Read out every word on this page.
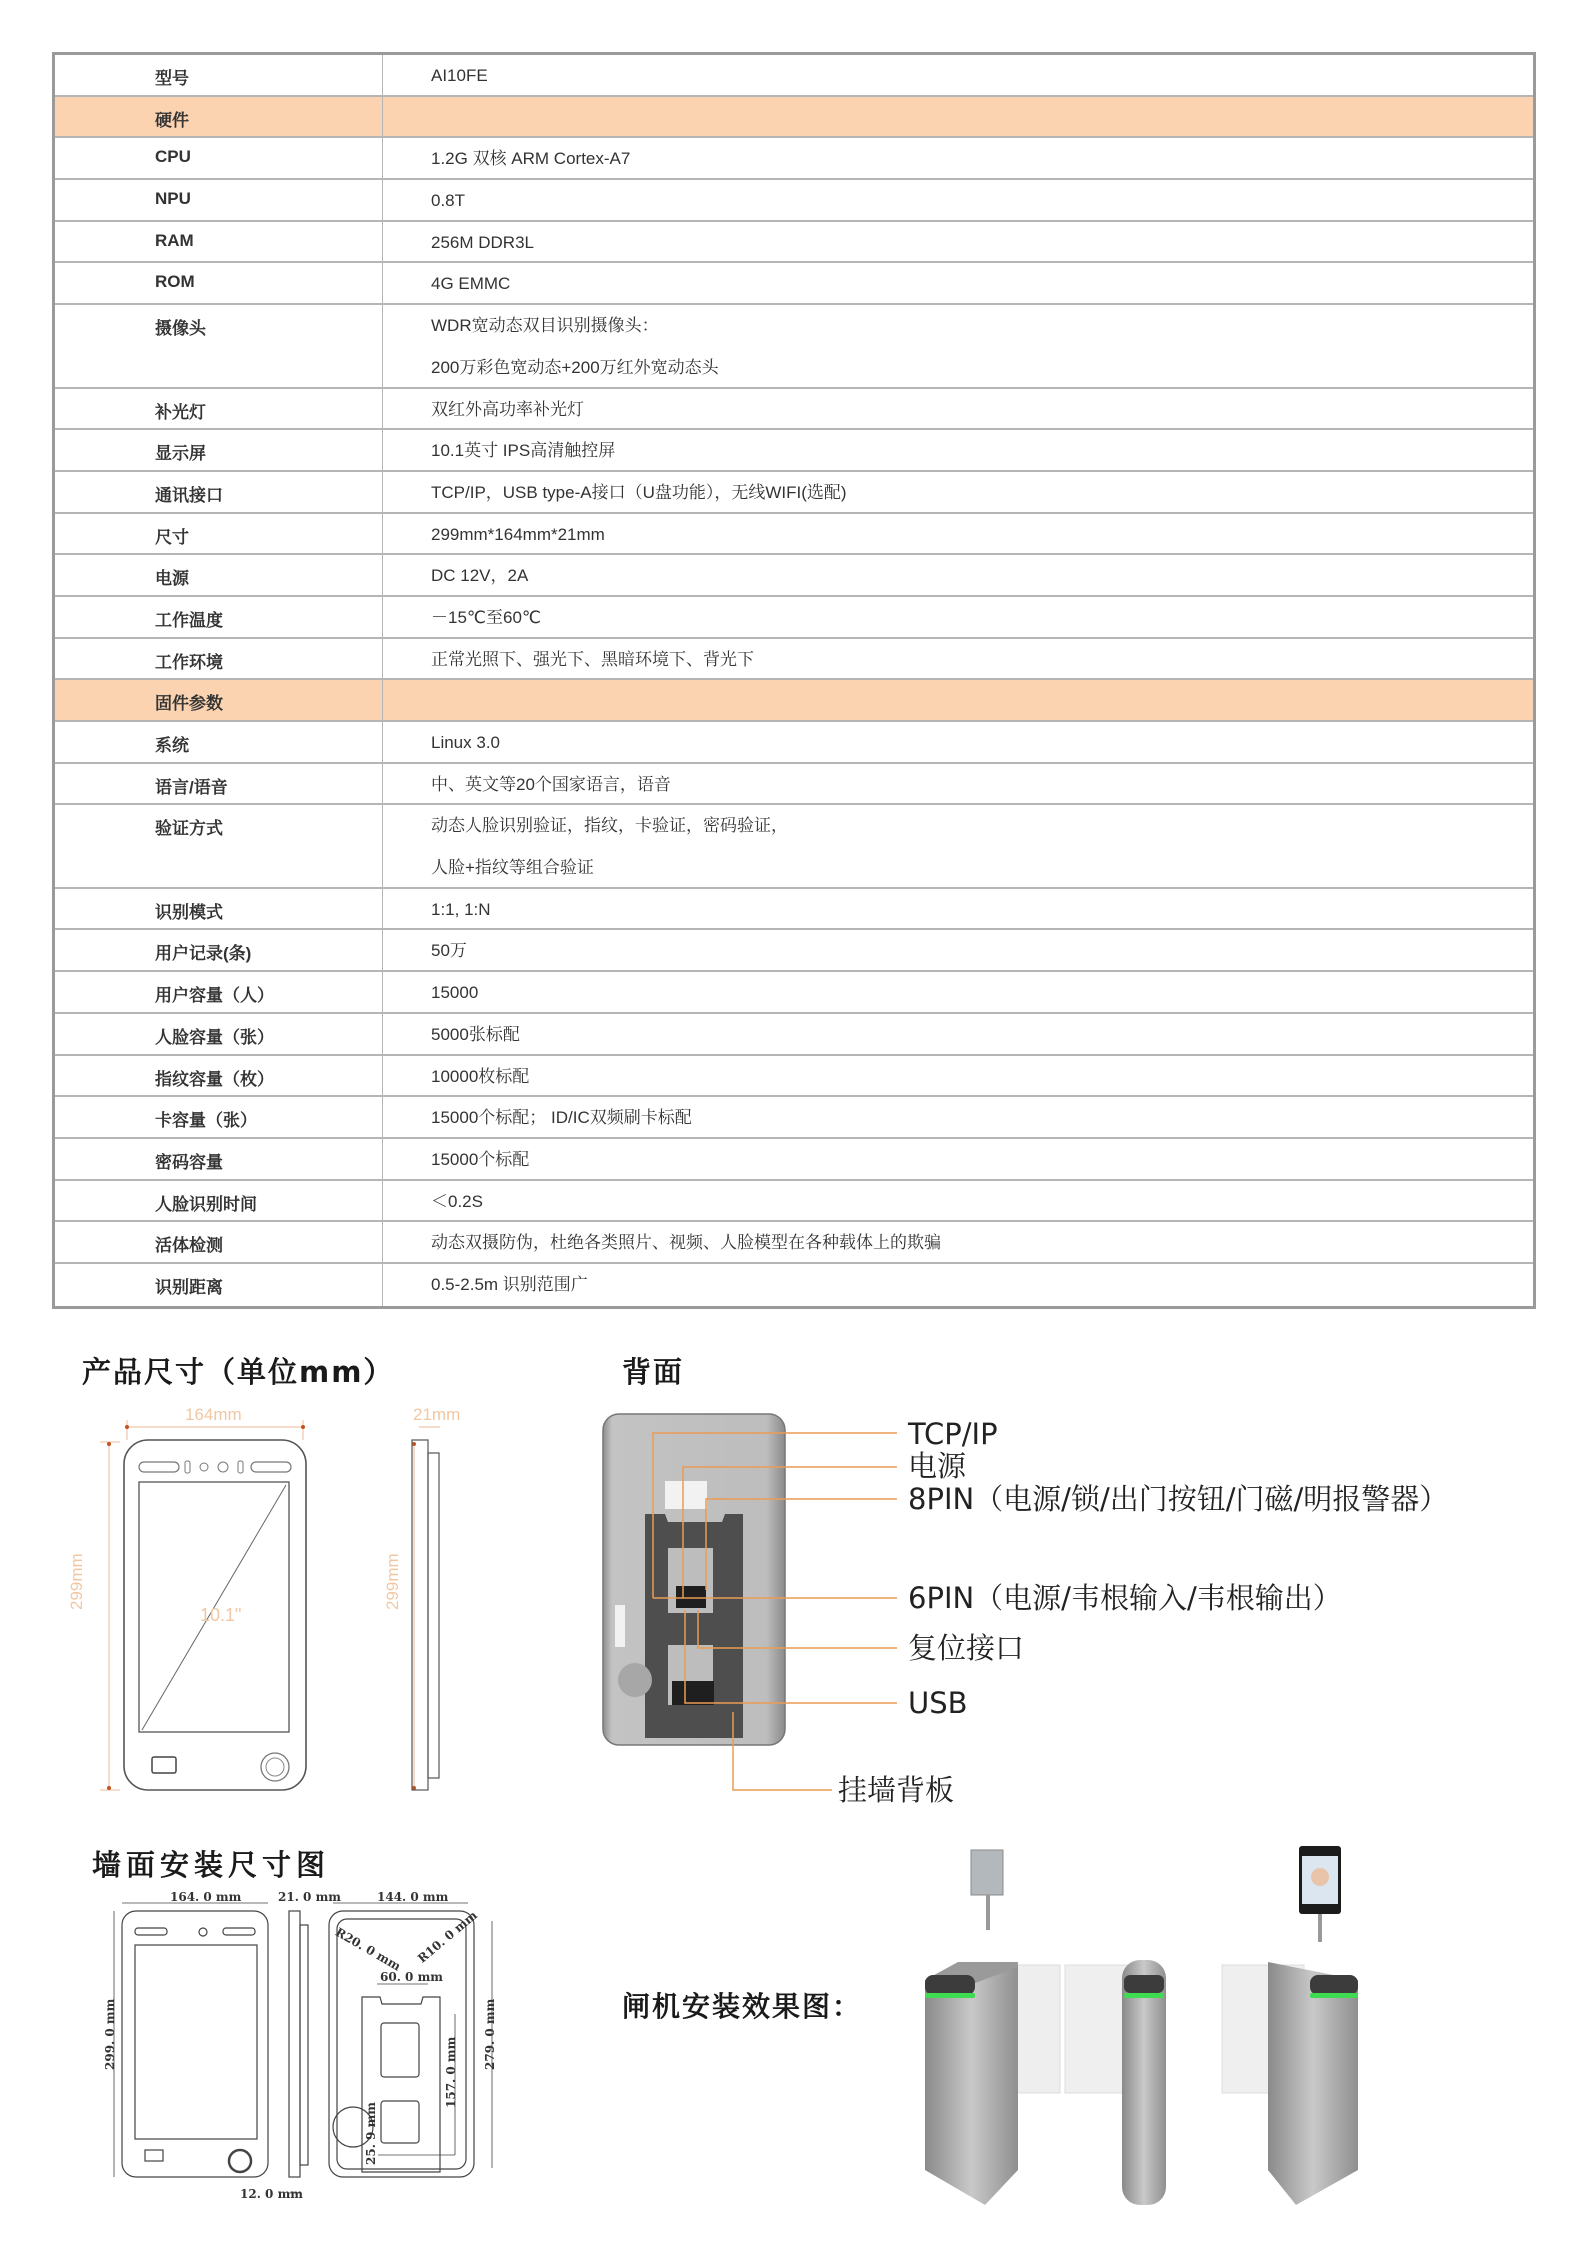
型号	AI10FE
硬件
CPU	1.2G 双核 ARM Cortex-A7
NPU	0.8T
RAM	256M DDR3L
ROM	4G EMMC
摄像头	WDR宽动态双目识别摄像头：
200万彩色宽动态+200万红外宽动态头
补光灯	双红外高功率补光灯
显示屏	10.1英寸 IPS高清触控屏
通讯接口	TCP/IP，USB type-A接口（U盘功能），无线WIFI(选配)
尺寸	299mm*164mm*21mm
电源	DC 12V，2A
工作温度	－15℃至60℃
工作环境	正常光照下、强光下、黑暗环境下、背光下
固件参数
系统	Linux 3.0
语言/语音	中、英文等20个国家语言，语音
验证方式	动态人脸识别验证，指纹，卡验证，密码验证，
人脸+指纹等组合验证
识别模式	1:1, 1:N
用户记录(条)	50万
用户容量（人）	15000
人脸容量（张）	5000张标配
指纹容量（枚）	10000枚标配
卡容量（张）	15000个标配； ID/IC双频刷卡标配
密码容量	15000个标配
人脸识别时间	＜0.2S
活体检测	动态双摄防伪，杜绝各类照片、视频、人脸模型在各种载体上的欺骗
识别距离	0.5-2.5m 识别范围广
产品尺寸（单位mm）
164mm	21mm
299mm	299mm
10.1"
背面
TCP/IP
电源
8PIN（电源/锁/出门按钮/门磁/明报警器）
6PIN（电源/韦根输入/韦根输出）
复位接口
USB
挂墙背板
墙面安装尺寸图
164. 0 mm	21. 0 mm	144. 0 mm
299. 0 mm	279. 0 mm
R20. 0 mm R10. 0 mm
60. 0 mm
157. 0 mm
25. 9 mm
12. 0 mm
闸机安装效果图：
